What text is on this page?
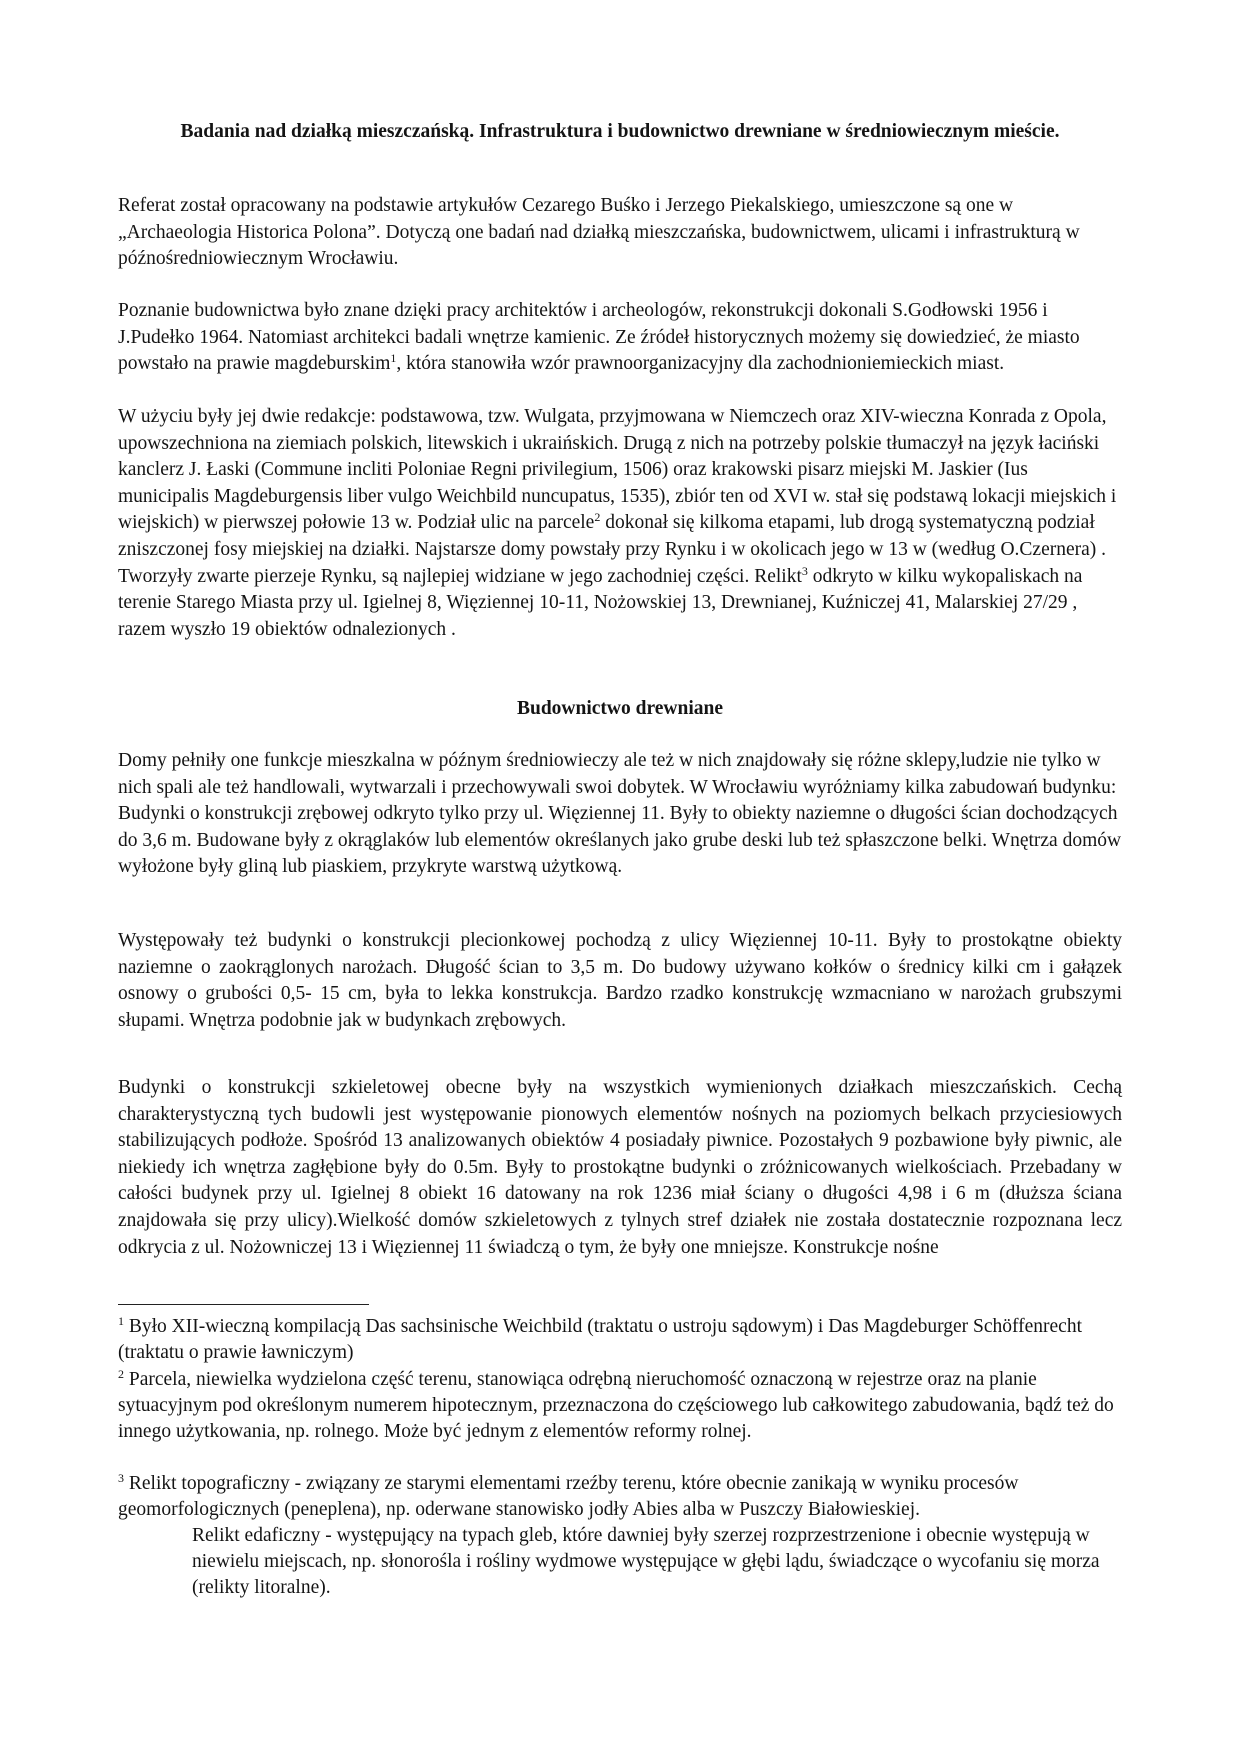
Badania nad działką mieszczańską. Infrastruktura i budownictwo drewniane w średniowiecznym mieście.

Referat został opracowany na podstawie artykułów Cezarego Buśko i Jerzego Piekalskiego, umieszczone są one w „Archaeologia Historica Polona”. Dotyczą one badań nad działką mieszczańska, budownictwem, ulicami i infrastrukturą w późnośredniowiecznym Wrocławiu.

Poznanie budownictwa było znane dzięki pracy architektów i archeologów, rekonstrukcji dokonali S.Godłowski 1956 i J.Pudełko 1964. Natomiast architekci badali wnętrze kamienic. Ze źródeł historycznych możemy się dowiedzieć, że miasto powstało na prawie magdeburskim$^1$, która stanowiła wzór prawnoorganizacyjny dla zachodnioniemieckich miast.

W użyciu były jej dwie redakcje: podstawowa, tzw. Wulgata, przyjmowana w Niemczech oraz XIV-wieczna Konrada z Opola, upowszechniona na ziemiach polskich, litewskich i ukraińskich. Drugą z nich na potrzeby polskie tłumaczył na język łaciński kanclerz J. Łaski (Commune incliti Poloniae Regni privilegium, 1506) oraz krakowski pisarz miejski M. Jaskier (Ius municipalis Magdeburgensis liber vulgo Weichbild nuncupatus, 1535), zbiór ten od XVI w. stał się podstawą lokacji miejskich i wiejskich) w pierwszej połowie 13 w. Podział ulic na parcele$^2$ dokonał się kilkoma etapami, lub drogą systematyczną podział zniszczonej fosy miejskiej na działki. Najstarsze domy powstały przy Rynku i w okolicach jego w 13 w (według O.Czernera) . Tworzyły zwarte pierzeje Rynku, są najlepiej widziane w jego zachodniej części. Relikt$^3$ odkryto w kilku wykopaliskach na terenie Starego Miasta przy ul. Igielnej 8, Więziennej 10-11, Nożowskiej 13, Drewnianej, Kuźniczej 41, Malarskiej 27/29 , razem wyszło 19 obiektów odnalezionych .

Budownictwo drewniane

Domy pełniły one funkcje mieszkalna w późnym średniowieczy ale też w nich znajdowały się różne sklepy,ludzie nie tylko w nich spali ale też handlowali, wytwarzali i przechowywali swoi dobytek. W Wrocławiu wyróżniamy kilka zabudowań budynku:

Budynki o konstrukcji zrębowej odkryto tylko przy ul. Więziennej 11. Były to obiekty naziemne o długości ścian dochodzących do 3,6 m. Budowane były z okrąglaków lub elementów określanych jako grube deski lub też spłaszczone belki. Wnętrza domów wyłożone były gliną lub piaskiem, przykryte warstwą użytkową.

Występowały też budynki o konstrukcji plecionkowej pochodzą z ulicy Więziennej 10-11. Były to prostokątne obiekty naziemne o zaokrąglonych narożach. Długość ścian to 3,5 m. Do budowy używano kołków o średnicy kilki cm i gałązek osnowy o grubości 0,5- 15 cm, była to lekka konstrukcja. Bardzo rzadko konstrukcję wzmacniano w narożach grubszymi słupami. Wnętrza podobnie jak w budynkach zrębowych.

Budynki o konstrukcji szkieletowej obecne były na wszystkich wymienionych działkach mieszczańskich. Cechą charakterystyczną tych budowli jest występowanie pionowych elementów nośnych na poziomych belkach przyciesiowych stabilizujących podłoże. Spośród 13 analizowanych obiektów 4 posiadały piwnice. Pozostałych 9 pozbawione były piwnic, ale niekiedy ich wnętrza zagłębione były do 0.5m. Były to prostokątne budynki o zróżnicowanych wielkościach. Przebadany w całości budynek przy ul. Igielnej 8 obiekt 16 datowany na rok 1236 miał ściany o długości 4,98 i 6 m (dłuższa ściana znajdowała się przy ulicy).Wielkość domów szkieletowych z tylnych stref działek nie została dostatecznie rozpoznana lecz odkrycia z ul. Nożowniczej 13 i Więziennej 11 świadczą o tym, że były one mniejsze. Konstrukcje nośne

$^1$ Było XII-wieczną kompilacją Das sachsinische Weichbild (traktatu o ustroju sądowym) i Das Magdeburger Schöffenrecht (traktatu o prawie ławniczym)

$^2$ Parcela, niewielka wydzielona część terenu, stanowiąca odrębną nieruchomość oznaczoną w rejestrze oraz na planie sytuacyjnym pod określonym numerem hipotecznym, przeznaczona do częściowego lub całkowitego zabudowania, bądź też do innego użytkowania, np. rolnego. Może być jednym z elementów reformy rolnej.

$^3$ Relikt topograficzny - związany ze starymi elementami rzeźby terenu, które obecnie zanikają w wyniku procesów geomorfologicznych (peneplena), np. oderwane stanowisko jodły Abies alba w Puszczy Białowieskiej.

Relikt edaficzny - występujący na typach gleb, które dawniej były szerzej rozprzestrzenione i obecnie występują w niewielu miejscach, np. słonorośla i rośliny wydmowe występujące w głębi lądu, świadczące o wycofaniu się morza (relikty litoralne).
